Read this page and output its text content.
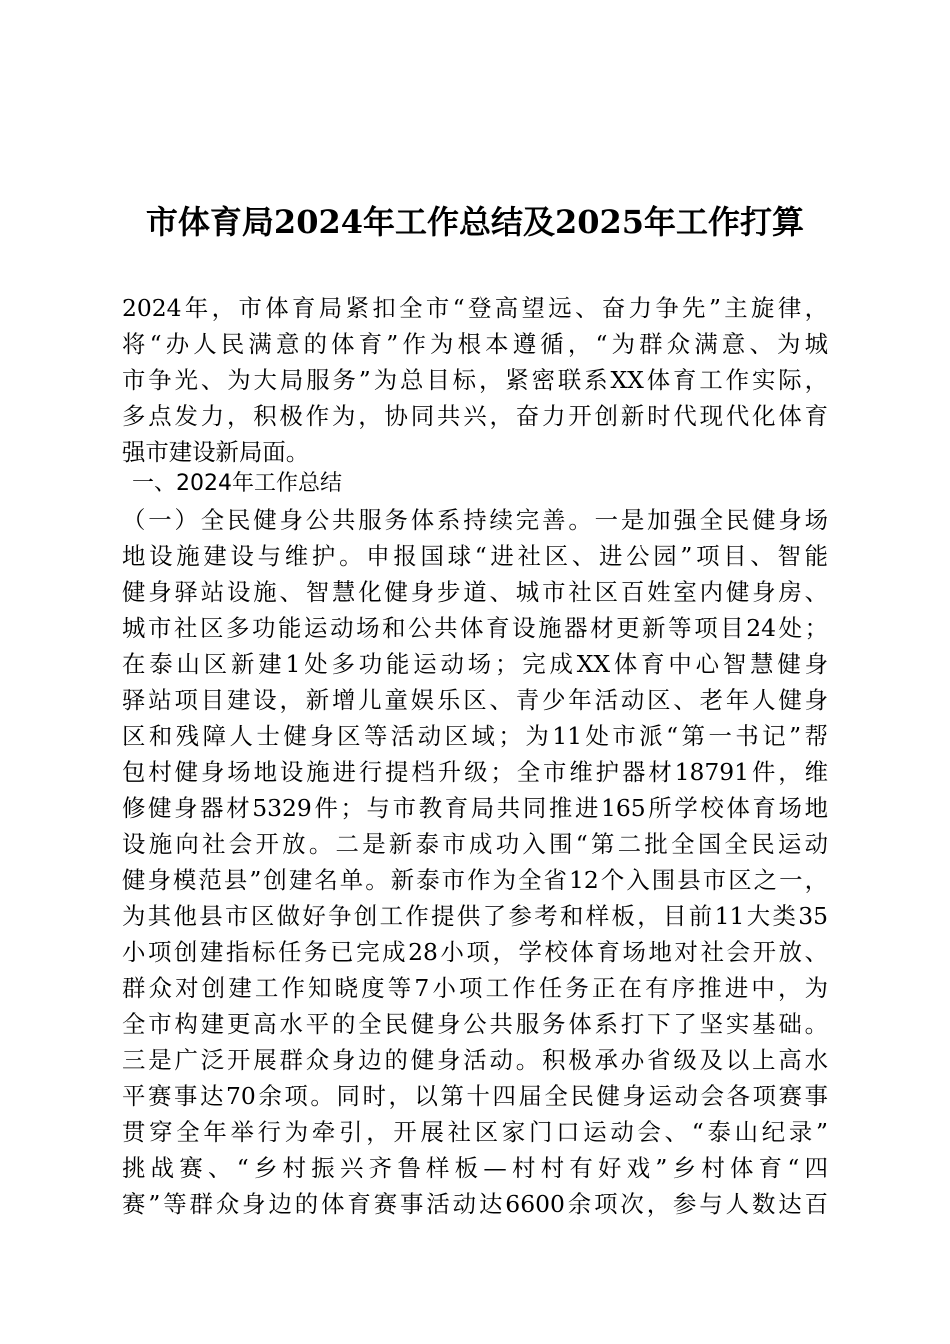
市体育局2024年工作总结及2025年工作打算
2024年，市体育局紧扣全市“登高望远、奋力争先”主旋律，
将“办人民满意的体育”作为根本遵循，“为群众满意、为城
市争光、为大局服务”为总目标，紧密联系XX体育工作实际，
多点发力，积极作为，协同共兴，奋力开创新时代现代化体育
强市建设新局面。
一、2024年工作总结
（一）全民健身公共服务体系持续完善。一是加强全民健身场
地设施建设与维护。申报国球“进社区、进公园”项目、智能
健身驿站设施、智慧化健身步道、城市社区百姓室内健身房、
城市社区多功能运动场和公共体育设施器材更新等项目24处；
在泰山区新建1处多功能运动场；完成XX体育中心智慧健身
驿站项目建设，新增儿童娱乐区、青少年活动区、老年人健身
区和残障人士健身区等活动区域；为11处市派“第一书记”帮
包村健身场地设施进行提档升级；全市维护器材18791件，维
修健身器材5329件；与市教育局共同推进165所学校体育场地
设施向社会开放。二是新泰市成功入围“第二批全国全民运动
健身模范县”创建名单。新泰市作为全省12个入围县市区之一，
为其他县市区做好争创工作提供了参考和样板，目前11大类35
小项创建指标任务已完成28小项，学校体育场地对社会开放、
群众对创建工作知晓度等7小项工作任务正在有序推进中，为
全市构建更高水平的全民健身公共服务体系打下了坚实基础。
三是广泛开展群众身边的健身活动。积极承办省级及以上高水
平赛事达70余项。同时，以第十四届全民健身运动会各项赛事
贯穿全年举行为牵引，开展社区家门口运动会、“泰山纪录”
挑战赛、“乡村振兴齐鲁样板—村村有好戏”乡村体育“四
赛”等群众身边的体育赛事活动达6600余项次，参与人数达百
